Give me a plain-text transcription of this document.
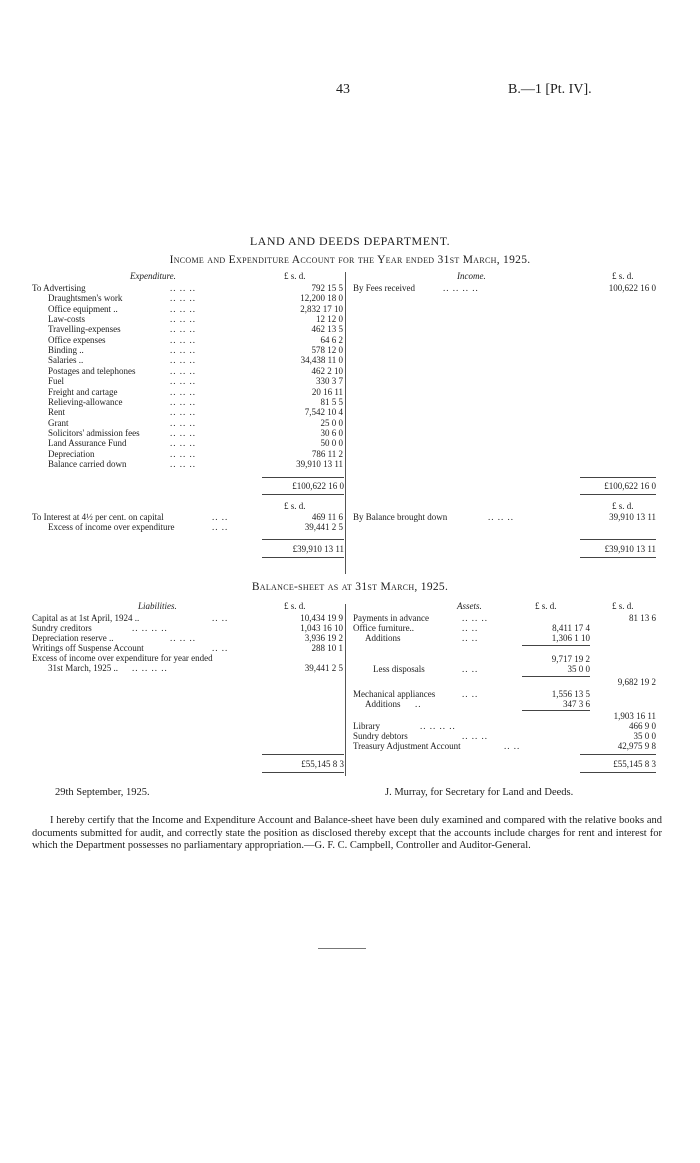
43	B.—1 [Pt. IV].
LAND AND DEEDS DEPARTMENT.
Income and Expenditure Account for the Year ended 31st March, 1925.
Expenditure.	£ s. d.	Income.	£ s. d.
To Advertising	.. .. ..	792 15 5
Draughtsmen's work	.. .. ..	12,200 18 0
Office equipment ..	.. .. ..	2,832 17 10
Law-costs	.. .. ..	12 12 0
Travelling-expenses	.. .. ..	462 13 5
Office expenses	.. .. ..	64 6 2
Binding ..	.. .. ..	578 12 0
Salaries ..	.. .. ..	34,438 11 0
Postages and telephones	.. .. ..	462 2 10
Fuel	.. .. ..	330 3 7
Freight and cartage	.. .. ..	20 16 11
Relieving-allowance	.. .. ..	81 5 5
Rent	.. .. ..	7,542 10 4
Grant	.. .. ..	25 0 0
Solicitors' admission fees	.. .. ..	30 6 0
Land Assurance Fund	.. .. ..	50 0 0
Depreciation	.. .. ..	786 11 2
Balance carried down	.. .. ..	39,910 13 11
By Fees received	.. .. .. ..	100,622 16 0
£100,622 16 0	£100,622 16 0
£ s. d.	£ s. d.
To Interest at 4½ per cent. on capital	.. ..	469 11 6
Excess of income over expenditure	.. ..	39,441 2 5
By Balance brought down	.. .. ..	39,910 13 11
£39,910 13 11	£39,910 13 11
Balance-sheet as at 31st March, 1925.
Liabilities.	£ s. d.	Assets.	£ s. d.	£ s. d.
Capital as at 1st April, 1924 ..	.. ..	10,434 19 9
Sundry creditors	.. .. .. ..	1,043 16 10
Depreciation reserve ..	.. .. ..	3,936 19 2
Writings off Suspense Account	.. ..	288 10 1
Excess of income over expenditure for year ended
31st March, 1925 .. .. .. .. ..	39,441 2 5
Payments in advance	.. .. ..	81 13 6
Office furniture..	.. ..	8,411 17 4
Additions	.. ..	1,306 1 10
9,717 19 2
Less disposals	.. ..	35 0 0
9,682 19 2
Mechanical appliances	.. ..	1,556 13 5
Additions ..	347 3 6
1,903 16 11
Library	.. .. .. ..	466 9 0
Sundry debtors	.. .. ..	35 0 0
Treasury Adjustment Account	.. ..	42,975 9 8
£55,145 8 3	£55,145 8 3
29th September, 1925.	J. Murray, for Secretary for Land and Deeds.
I hereby certify that the Income and Expenditure Account and Balance-sheet have been duly examined and compared with the relative books and documents submitted for audit, and correctly state the position as disclosed thereby except that the accounts include charges for rent and interest for which the Department possesses no parliamentary appropriation.—G. F. C. Campbell, Controller and Auditor-General.
